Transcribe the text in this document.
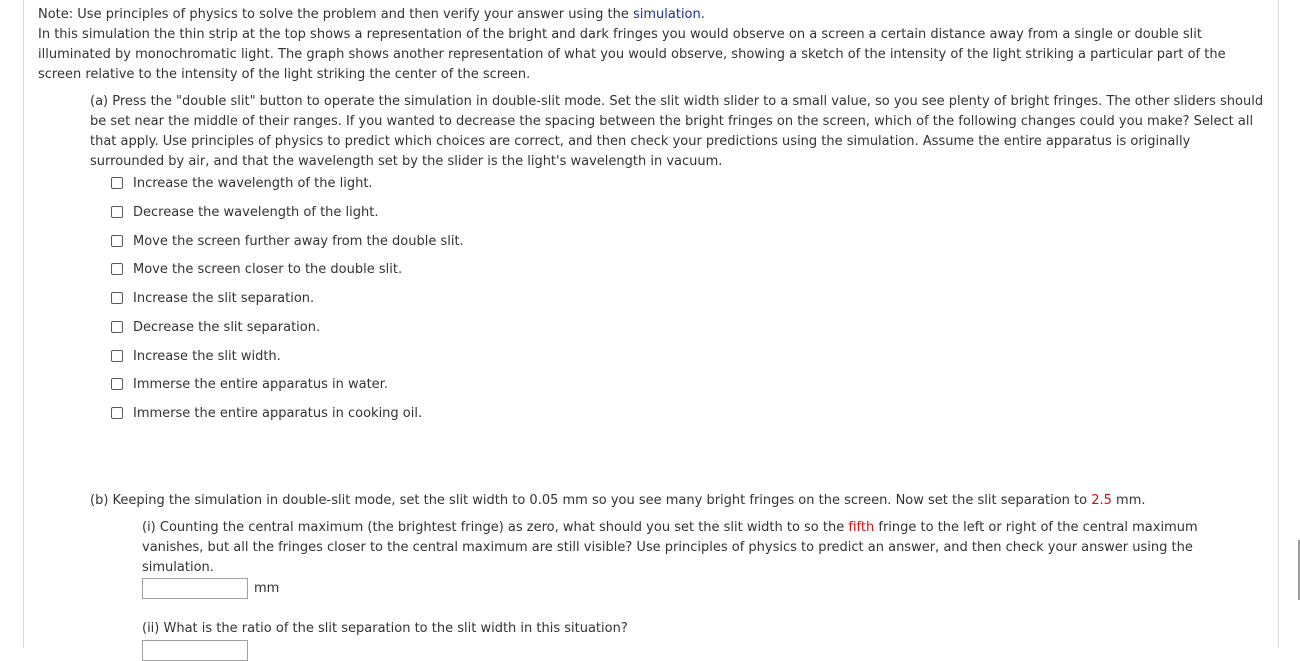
Note: Use principles of physics to solve the problem and then verify your answer using the simulation.

In this simulation the thin strip at the top shows a representation of the bright and dark fringes you would observe on a screen a certain distance away from a single or double slit illuminated by monochromatic light. The graph shows another representation of what you would observe, showing a sketch of the intensity of the light striking a particular part of the screen relative to the intensity of the light striking the center of the screen.

(a) Press the "double slit" button to operate the simulation in double-slit mode. Set the slit width slider to a small value, so you see plenty of bright fringes. The other sliders should be set near the middle of their ranges. If you wanted to decrease the spacing between the bright fringes on the screen, which of the following changes could you make? Select all that apply. Use principles of physics to predict which choices are correct, and then check your predictions using the simulation. Assume the entire apparatus is originally surrounded by air, and that the wavelength set by the slider is the light's wavelength in vacuum.

Increase the wavelength of the light.
Decrease the wavelength of the light.
Move the screen further away from the double slit.
Move the screen closer to the double slit.
Increase the slit separation.
Decrease the slit separation.
Increase the slit width.
Immerse the entire apparatus in water.
Immerse the entire apparatus in cooking oil.

(b) Keeping the simulation in double-slit mode, set the slit width to 0.05 mm so you see many bright fringes on the screen. Now set the slit separation to 2.5 mm.

(i) Counting the central maximum (the brightest fringe) as zero, what should you set the slit width to so the fifth fringe to the left or right of the central maximum vanishes, but all the fringes closer to the central maximum are still visible? Use principles of physics to predict an answer, and then check your answer using the simulation.

mm

(ii) What is the ratio of the slit separation to the slit width in this situation?
